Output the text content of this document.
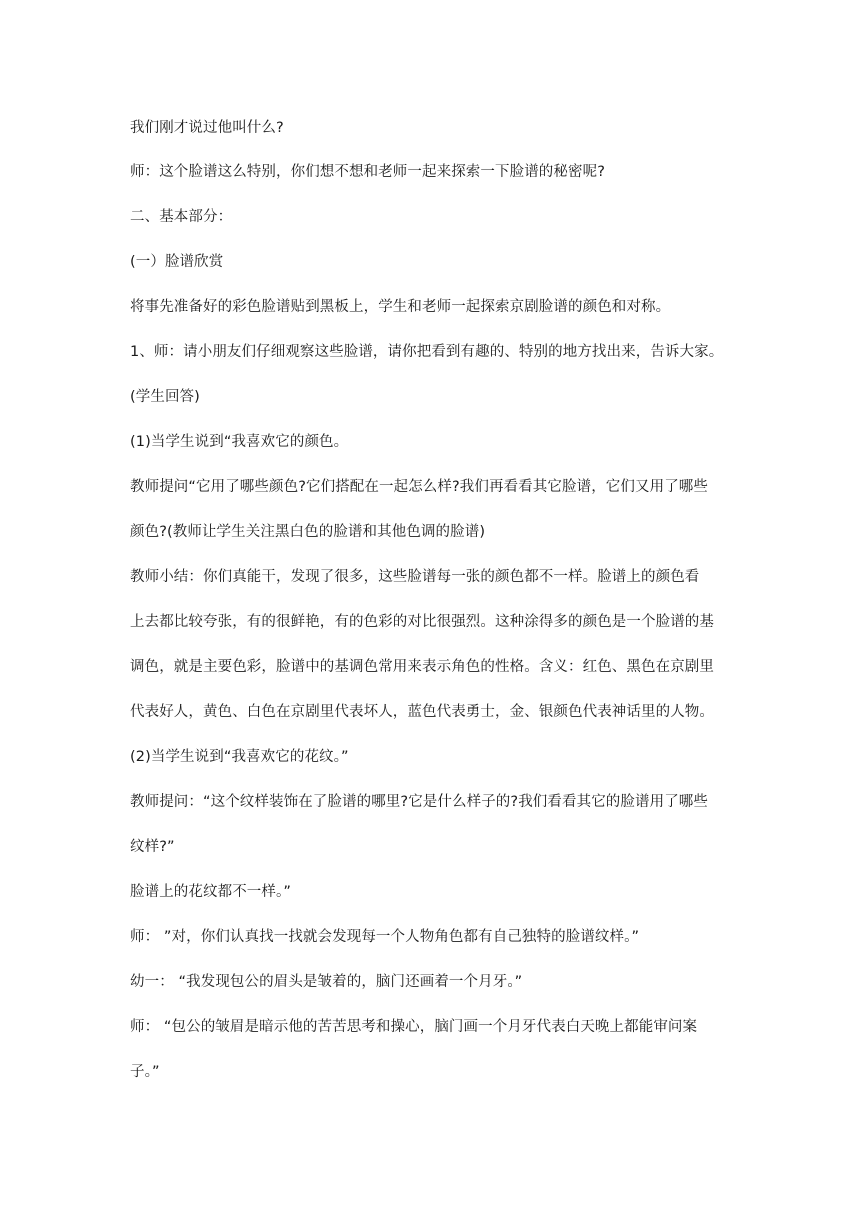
我们刚才说过他叫什么?
师：这个脸谱这么特别，你们想不想和老师一起来探索一下脸谱的秘密呢?
二、基本部分：
(一）脸谱欣赏
将事先准备好的彩色脸谱贴到黑板上，学生和老师一起探索京剧脸谱的颜色和对称。
1、师：请小朋友们仔细观察这些脸谱，请你把看到有趣的、特别的地方找出来，告诉大家。
(学生回答)
(1)当学生说到“我喜欢它的颜色。
教师提问“它用了哪些颜色?它们搭配在一起怎么样?我们再看看其它脸谱，它们又用了哪些
颜色?(教师让学生关注黑白色的脸谱和其他色调的脸谱)
教师小结：你们真能干，发现了很多，这些脸谱每一张的颜色都不一样。脸谱上的颜色看
上去都比较夸张，有的很鲜艳，有的色彩的对比很强烈。这种涂得多的颜色是一个脸谱的基
调色，就是主要色彩，脸谱中的基调色常用来表示角色的性格。含义：红色、黑色在京剧里
代表好人，黄色、白色在京剧里代表坏人，蓝色代表勇士，金、银颜色代表神话里的人物。
(2)当学生说到“我喜欢它的花纹。”
教师提问：“这个纹样装饰在了脸谱的哪里?它是什么样子的?我们看看其它的脸谱用了哪些
纹样?”
脸谱上的花纹都不一样。”
师： ”对，你们认真找一找就会发现每一个人物角色都有自己独特的脸谱纹样。”
幼一： “我发现包公的眉头是皱着的，脑门还画着一个月牙。”
师： “包公的皱眉是暗示他的苦苦思考和操心，脑门画一个月牙代表白天晚上都能审问案
子。”
